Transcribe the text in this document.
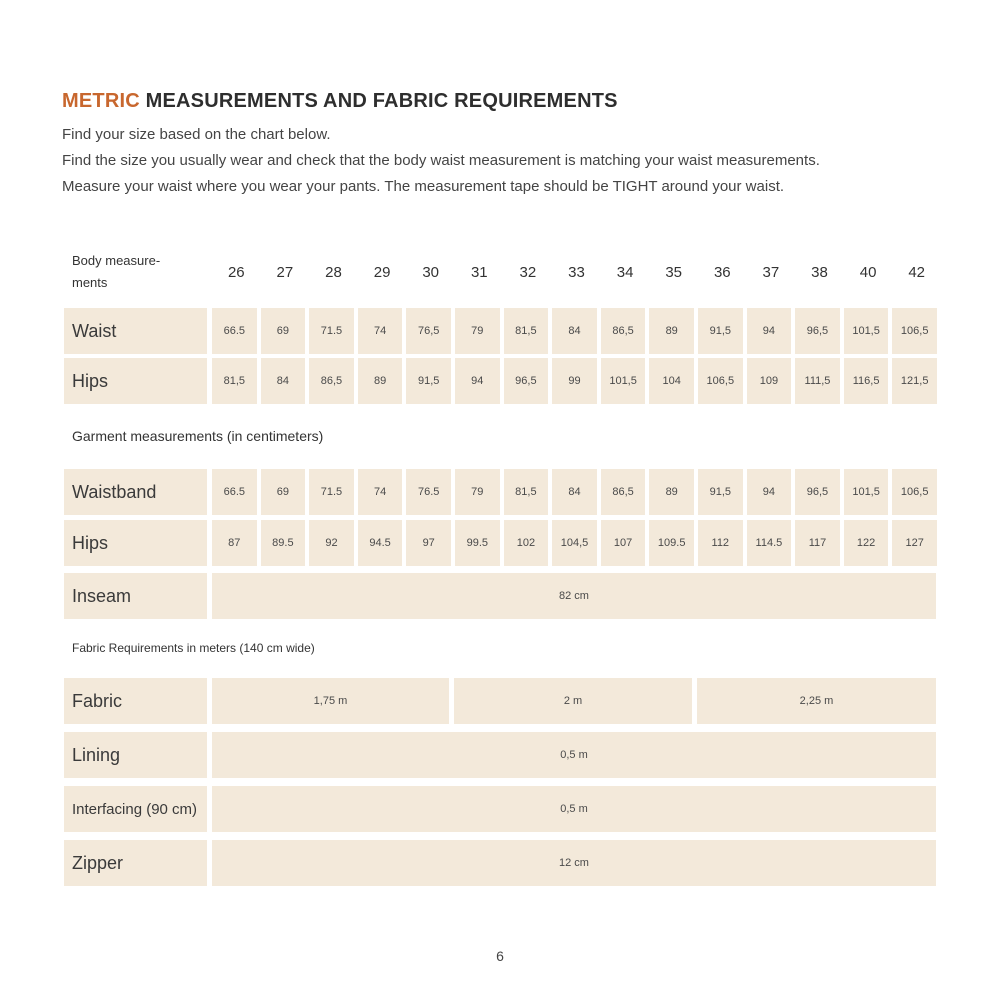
METRIC MEASUREMENTS AND FABRIC REQUIREMENTS
Find your size based on the chart below.
Find the size you usually wear and check that the body waist measurement is matching your waist measurements.
Measure your waist where you wear your pants. The measurement tape should be TIGHT around your waist.
Body measure-
ments
26	27	28	29	30	31	32	33	34	35	36	37	38	40	42
Waist	66.5	69	71.5	74	76,5	79	81,5	84	86,5	89	91,5	94	96,5	101,5	106,5
Hips	81,5	84	86,5	89	91,5	94	96,5	99	101,5	104	106,5	109	111,5	116,5	121,5
Garment measurements (in centimeters)
Waistband	66.5	69	71.5	74	76.5	79	81,5	84	86,5	89	91,5	94	96,5	101,5	106,5
Hips	87	89.5	92	94.5	97	99.5	102	104,5	107	109.5	112	114.5	117	122	127
Inseam	82 cm
Fabric Requirements in meters (140 cm wide)
Fabric	1,75 m	2 m	2,25 m
Lining	0,5 m
Interfacing (90 cm)	0,5 m
Zipper	12 cm
6
